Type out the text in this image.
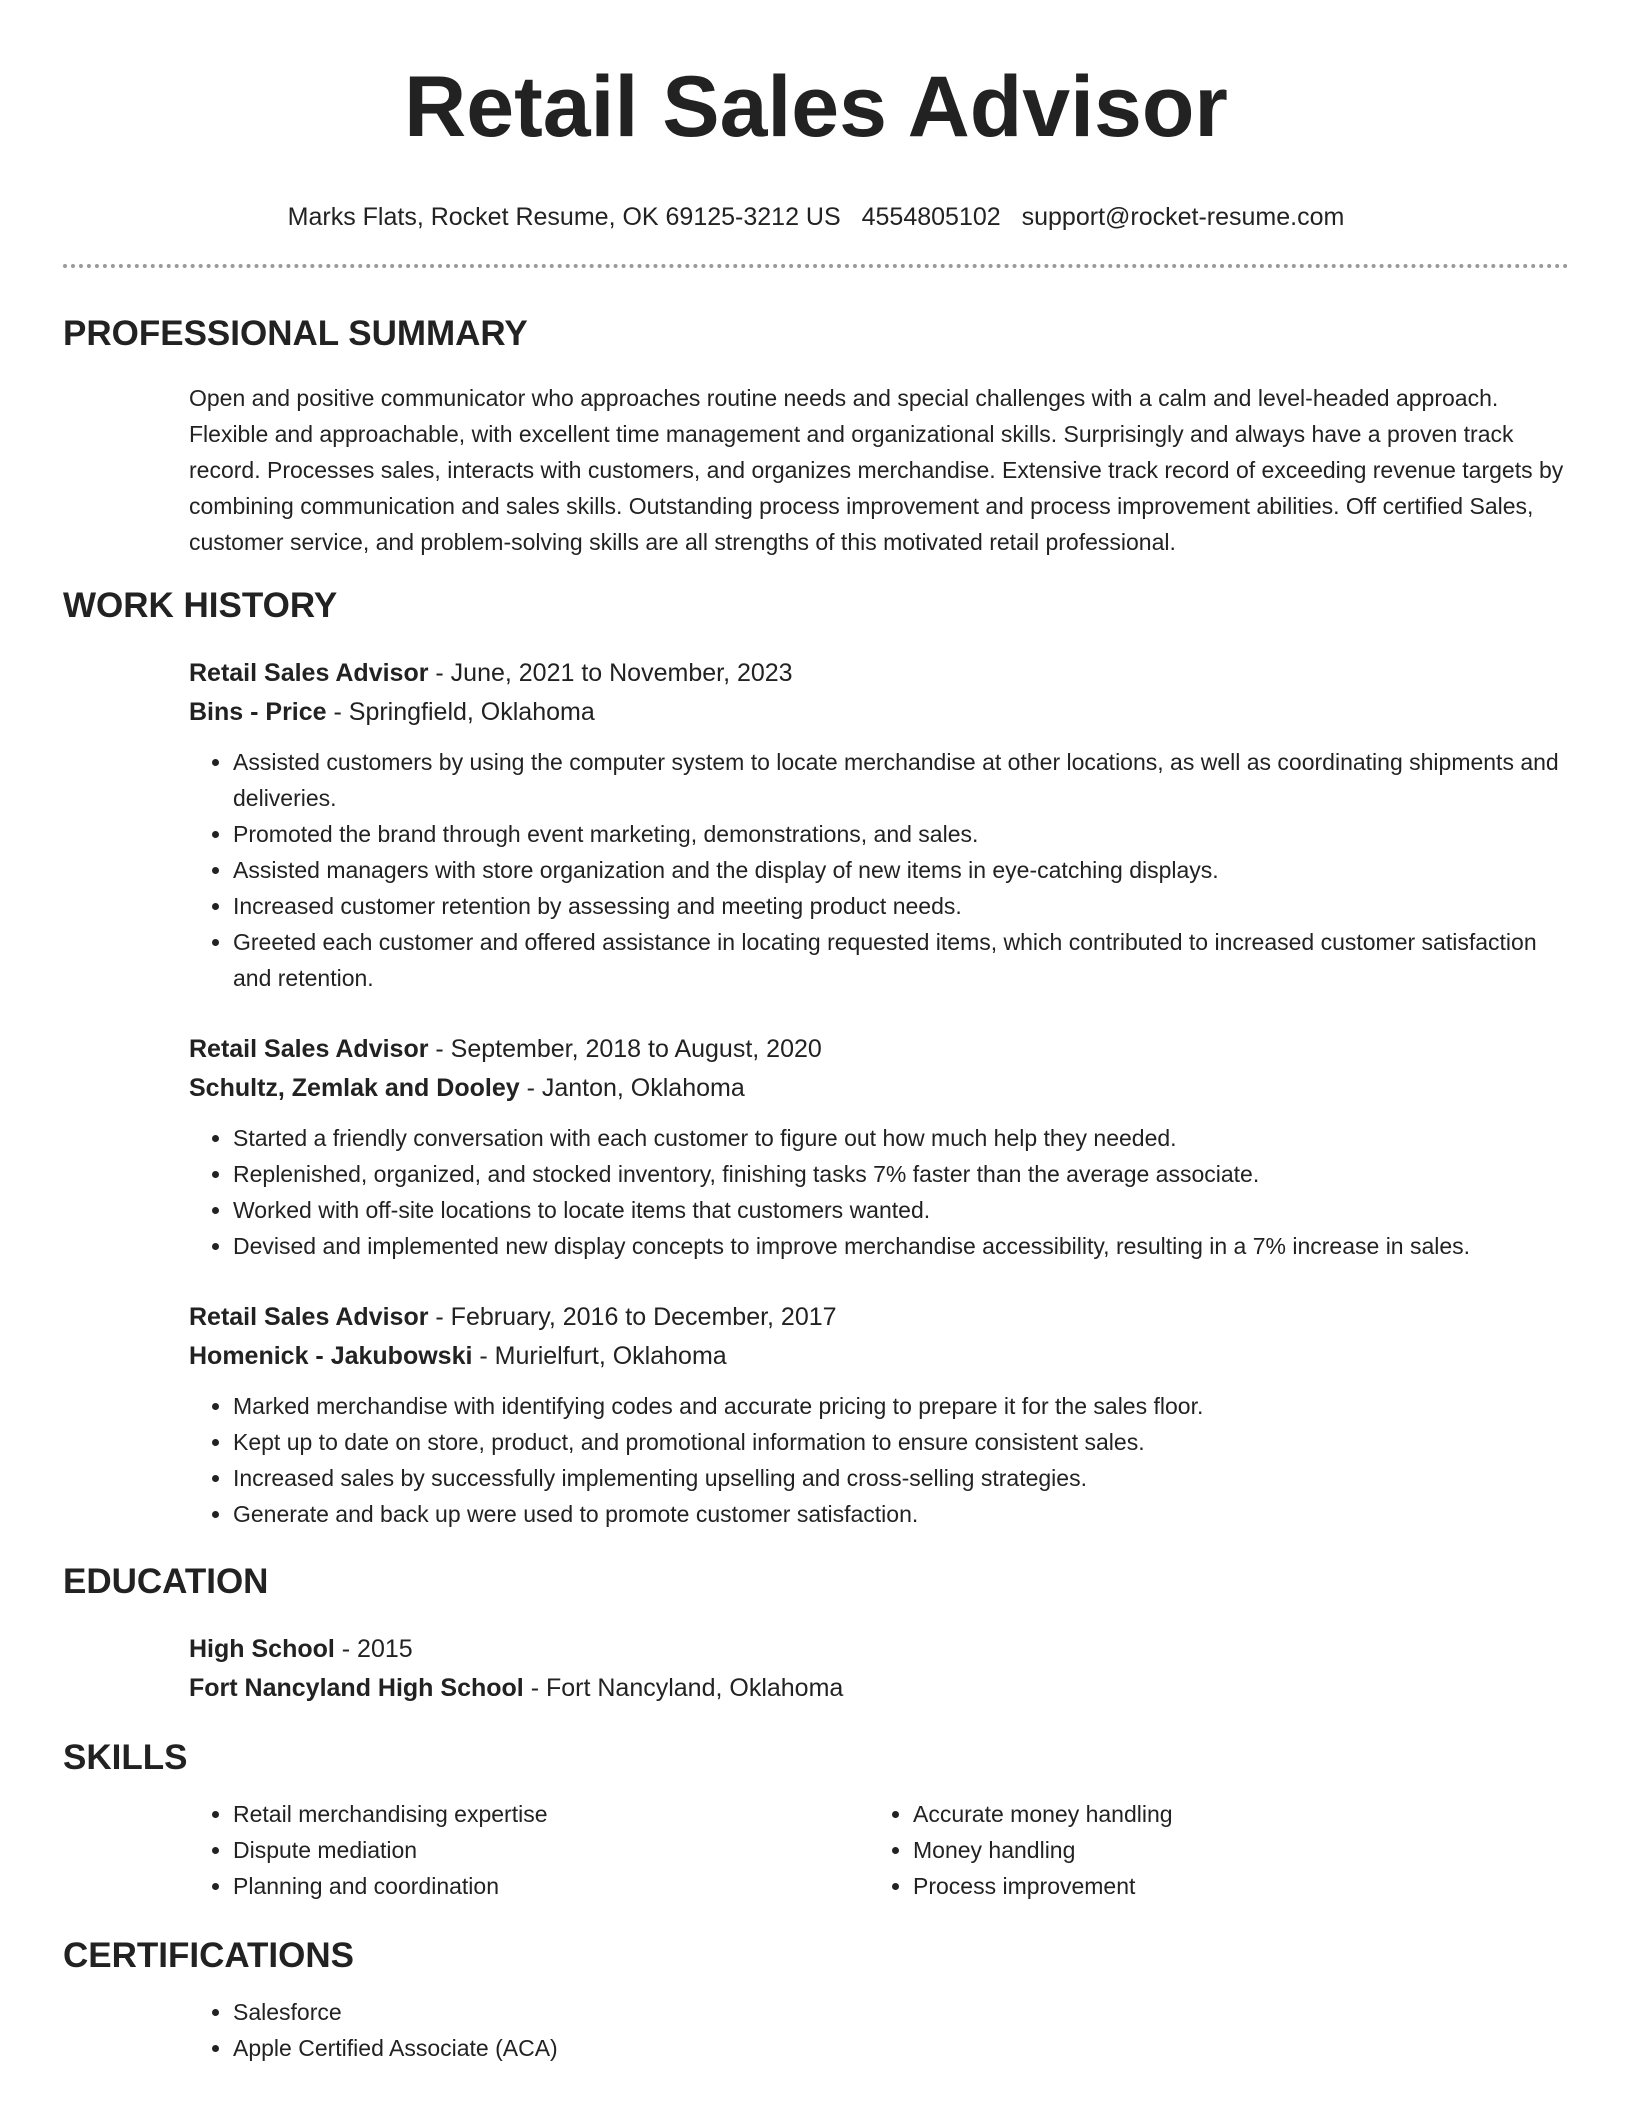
Retail Sales Advisor
Marks Flats, Rocket Resume, OK 69125-3212 US 4554805102 support@rocket-resume.com
PROFESSIONAL SUMMARY

Open and positive communicator who approaches routine needs and special challenges with a calm and level-headed approach. Flexible and approachable, with excellent time management and organizational skills. Surprisingly and always have a proven track record. Processes sales, interacts with customers, and organizes merchandise. Extensive track record of exceeding revenue targets by combining communication and sales skills. Outstanding process improvement and process improvement abilities. Off certified Sales, customer service, and problem-solving skills are all strengths of this motivated retail professional.

WORK HISTORY
Retail Sales Advisor - June, 2021 to November, 2023
Bins - Price - Springfield, Oklahoma
• Assisted customers by using the computer system to locate merchandise at other locations, as well as coordinating shipments and deliveries.
• Promoted the brand through event marketing, demonstrations, and sales.
• Assisted managers with store organization and the display of new items in eye-catching displays.
• Increased customer retention by assessing and meeting product needs.
• Greeted each customer and offered assistance in locating requested items, which contributed to increased customer satisfaction and retention.
Retail Sales Advisor - September, 2018 to August, 2020
Schultz, Zemlak and Dooley - Janton, Oklahoma
• Started a friendly conversation with each customer to figure out how much help they needed.
• Replenished, organized, and stocked inventory, finishing tasks 7% faster than the average associate.
• Worked with off-site locations to locate items that customers wanted.
• Devised and implemented new display concepts to improve merchandise accessibility, resulting in a 7% increase in sales.
Retail Sales Advisor - February, 2016 to December, 2017
Homenick - Jakubowski - Murielfurt, Oklahoma
• Marked merchandise with identifying codes and accurate pricing to prepare it for the sales floor.
• Kept up to date on store, product, and promotional information to ensure consistent sales.
• Increased sales by successfully implementing upselling and cross-selling strategies.
• Generate and back up were used to promote customer satisfaction.
EDUCATION
High School - 2015
Fort Nancyland High School - Fort Nancyland, Oklahoma
SKILLS
• Retail merchandising expertise
• Dispute mediation
• Planning and coordination
• Accurate money handling
• Money handling
• Process improvement
CERTIFICATIONS
• Salesforce
• Apple Certified Associate (ACA)
